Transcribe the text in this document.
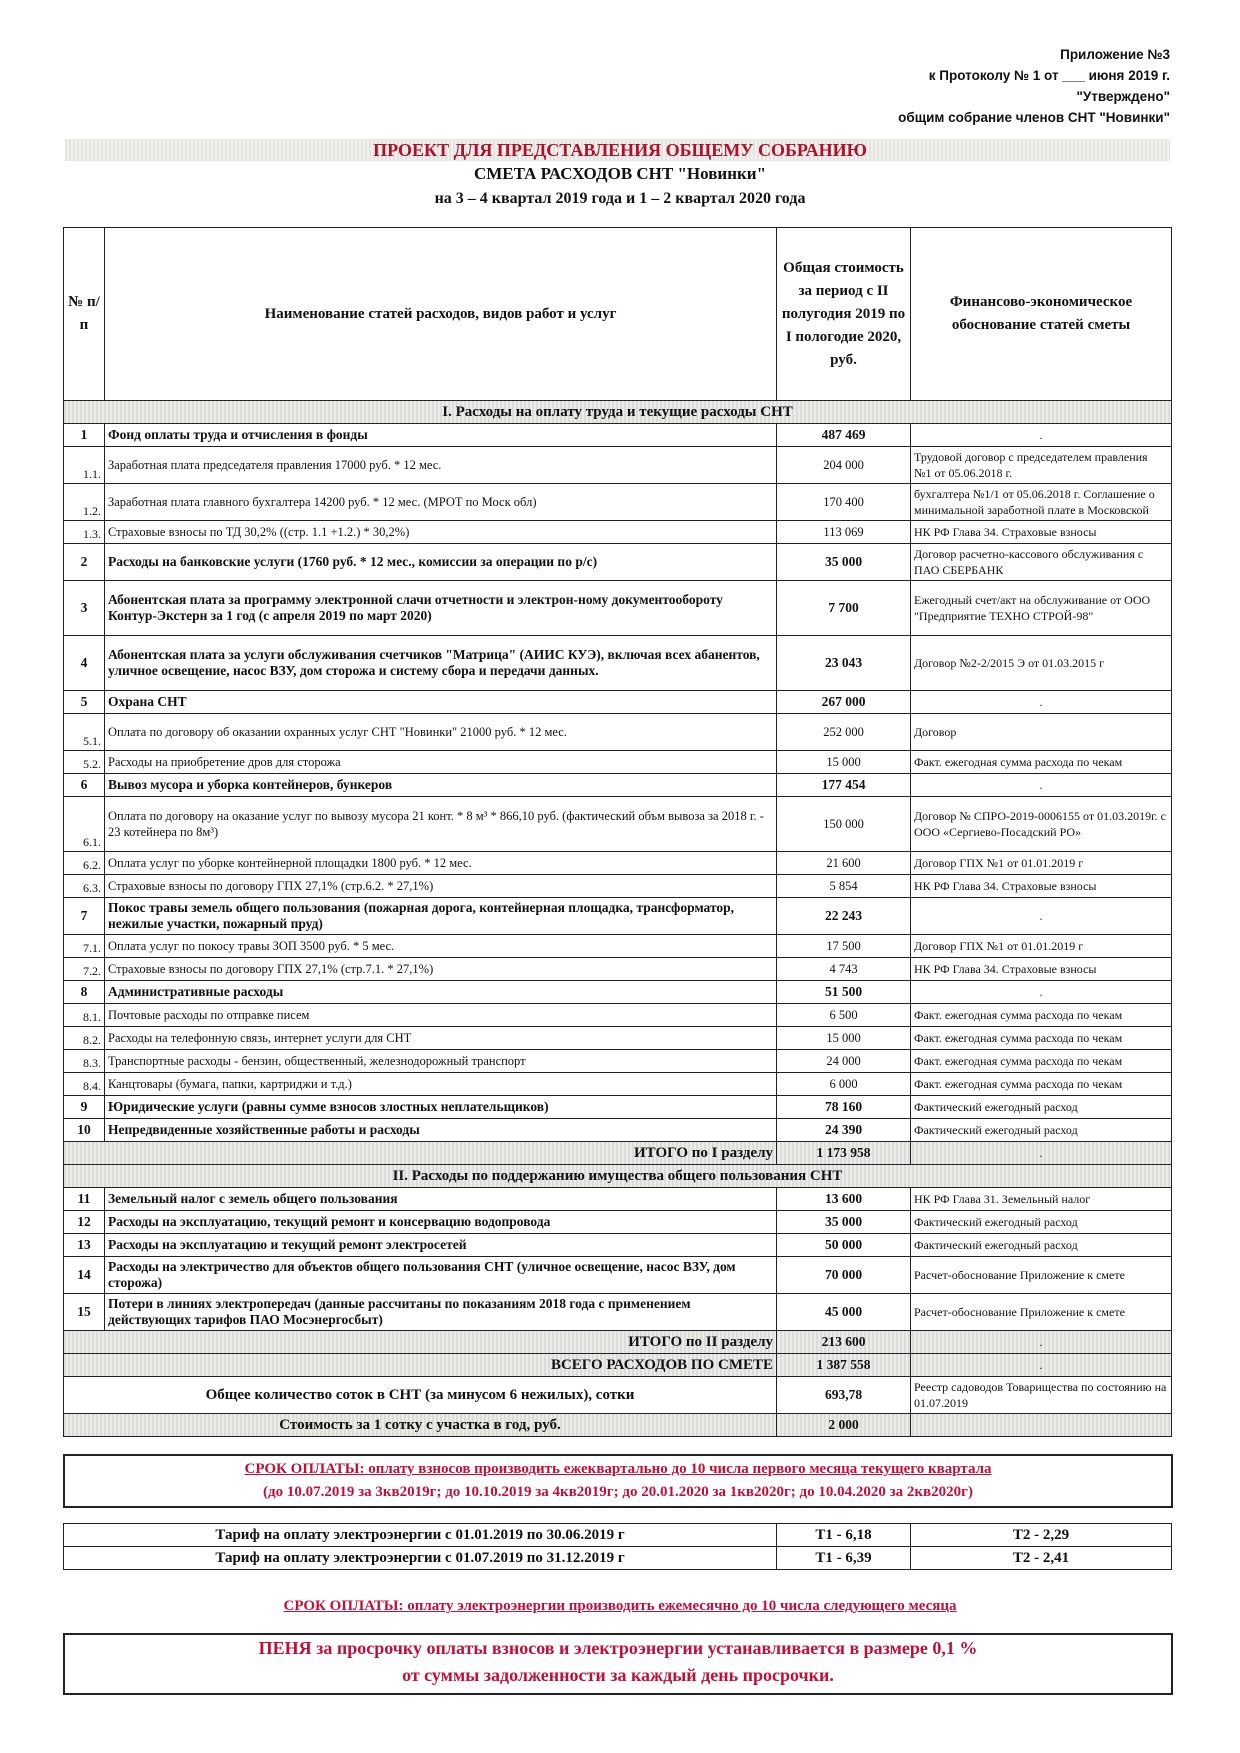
Приложение №3
к Протоколу № 1 от ___ июня 2019 г.
"Утверждено"
общим собрание членов СНТ "Новинки"
ПРОЕКТ ДЛЯ ПРЕДСТАВЛЕНИЯ ОБЩЕМУ СОБРАНИЮ
СМЕТА РАСХОДОВ СНТ "Новинки"
на 3 – 4 квартал 2019 года и 1 – 2 квартал 2020 года
№ п/п	Наименование статей расходов, видов работ и услуг	Общая стоимость за период с II полугодия 2019 по I пологодие 2020, руб.	Финансово-экономическое обоснование статей сметы
I. Расходы на оплату труда и текущие расходы СНТ			
1	Фонд оплаты труда и отчисления в фонды	487 469	.
1.1.	Заработная плата председателя правления 17000 руб. * 12 мес.	204 000	Трудовой договор с председателем правления №1 от 05.06.2018 г.
1.2.	Заработная плата главного бухгалтера 14200 руб. * 12 мес. (МРОТ по Моск обл)	170 400	бухгалтера №1/1 от 05.06.2018 г. Соглашение о минимальной заработной плате в Московской
1.3.	Страховые взносы по ТД 30,2% ((стр. 1.1 +1.2.) * 30,2%)	113 069	НК РФ Глава 34. Страховые взносы
2	Расходы на банковские услуги (1760 руб. * 12 мес., комиссии за операции по р/с)	35 000	Договор расчетно-кассового обслуживания с ПАО СБЕРБАНК
3	Абонентская плата за программу электронной слачи отчетности и электрон-ному документообороту Контур-Экстерн за 1 год (с апреля 2019 по март 2020)	7 700	Ежегодный счет/акт на обслуживание от ООО "Предприятие ТЕХНО СТРОЙ-98"
4	Абонентская плата за услуги обслуживания счетчиков "Матрица" (АИИС КУЭ), включая всех абанентов, уличное освещение, насос ВЗУ, дом сторожа и систему сбора и передачи данных.	23 043	Договор №2-2/2015 Э от 01.03.2015 г
5	Охрана СНТ	267 000	.
5.1.	Оплата по договору об оказании охранных услуг СНТ "Новинки" 21000 руб. * 12 мес.	252 000	Договор
5.2.	Расходы на приобретение дров для сторожа	15 000	Факт. ежегодная сумма расхода по чекам
6	Вывоз мусора и уборка контейнеров, бункеров	177 454	.
6.1.	Оплата по договору на оказание услуг по вывозу мусора 21 конт. * 8 м³ * 866,10 руб. (фактический объм вывоза за 2018 г. - 23 котейнера по 8м³)	150 000	Договор № СПРО-2019-0006155 от 01.03.2019г. с ООО «Сергиево-Посадский РО»
6.2.	Оплата услуг по уборке контейнерной площадки 1800 руб. * 12 мес.	21 600	Договор ГПХ №1 от 01.01.2019 г
6.3.	Страховые взносы по договору ГПХ 27,1% (стр.6.2. * 27,1%)	5 854	НК РФ Глава 34. Страховые взносы
7	Покос травы земель общего пользования (пожарная дорога, контейнерная площадка, трансформатор, нежилые участки, пожарный пруд)	22 243	.
7.1.	Оплата услуг по покосу травы ЗОП 3500 руб. * 5 мес.	17 500	Договор ГПХ №1 от 01.01.2019 г
7.2.	Страховые взносы по договору ГПХ 27,1% (стр.7.1. * 27,1%)	4 743	НК РФ Глава 34. Страховые взносы
8	Административные расходы	51 500	.
8.1.	Почтовые расходы по отправке писем	6 500	Факт. ежегодная сумма расхода по чекам
8.2.	Расходы на телефонную связь, интернет услуги для СНТ	15 000	Факт. ежегодная сумма расхода по чекам
8.3.	Транспортные расходы - бензин, общественный, железнодорожный транспорт	24 000	Факт. ежегодная сумма расхода по чекам
8.4.	Канцтовары (бумага, папки, картриджи и т.д.)	6 000	Факт. ежегодная сумма расхода по чекам
9	Юридические услуги (равны сумме взносов злостных неплательщиков)	78 160	Фактический ежегодный расход
10	Непредвиденные хозяйственные работы и расходы	24 390	Фактический ежегодный расход
ИТОГО по I разделу		1 173 958	.
II. Расходы по поддержанию имущества общего пользования СНТ			
11	Земельный налог с земель общего пользования	13 600	НК РФ Глава 31. Земельный налог
12	Расходы на эксплуатацию, текущий ремонт и консервацию водопровода	35 000	Фактический ежегодный расход
13	Расходы на эксплуатацию и текущий ремонт электросетей	50 000	Фактический ежегодный расход
14	Расходы на электричество для объектов общего пользования СНТ (уличное освещение, насос ВЗУ, дом сторожа)	70 000	Расчет-обоснование Приложение к смете
15	Потери в линиях электропередач (данные рассчитаны по показаниям 2018 года с применением действующих тарифов ПАО Мосэнергосбыт)	45 000	Расчет-обоснование Приложение к смете
ИТОГО по II разделу		213 600	.
ВСЕГО РАСХОДОВ ПО СМЕТЕ		1 387 558	.
Общее количество соток в СНТ (за минусом 6 нежилых), сотки		693,78	Реестр садоводов Товарищества по состоянию на 01.07.2019
Стоимость за 1 сотку с участка в год, руб.		2 000	
СРОК ОПЛАТЫ: оплату взносов производить ежеквартально до 10 числа первого месяца текущего квартала
(до 10.07.2019 за 3кв2019г; до 10.10.2019 за 4кв2019г; до 20.01.2020 за 1кв2020г; до 10.04.2020 за 2кв2020г)
Тариф на оплату электроэнергии с 01.01.2019 по 30.06.2019 г	Т1 - 6,18	Т2 - 2,29
Тариф на оплату электроэнергии с 01.07.2019 по 31.12.2019 г	Т1 - 6,39	Т2 - 2,41
СРОК ОПЛАТЫ: оплату электроэнергии производить ежемесячно до 10 числа следующего месяца
ПЕНЯ за просрочку оплаты взносов и электроэнергии устанавливается в размере 0,1 %
от суммы задолженности за каждый день просрочки.
